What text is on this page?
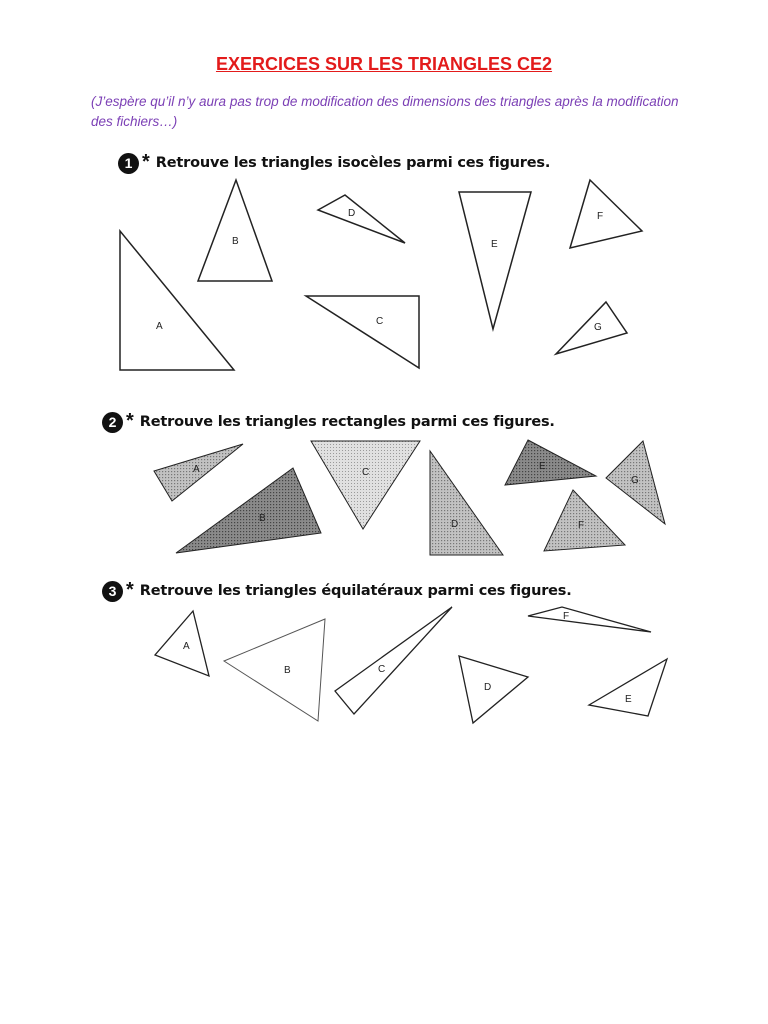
EXERCICES SUR LES TRIANGLES CE2
(J’espère qu’il n’y aura pas trop de modification des dimensions des triangles après la modification des fichiers…)
1 * Retrouve les triangles isocèles parmi ces figures.
2 * Retrouve les triangles rectangles parmi ces figures.
3 * Retrouve les triangles équilatéraux parmi ces figures.
A
B
C
D
E
F
G
A
B
C
D
E
F
G
A
B	C
D
E
F
